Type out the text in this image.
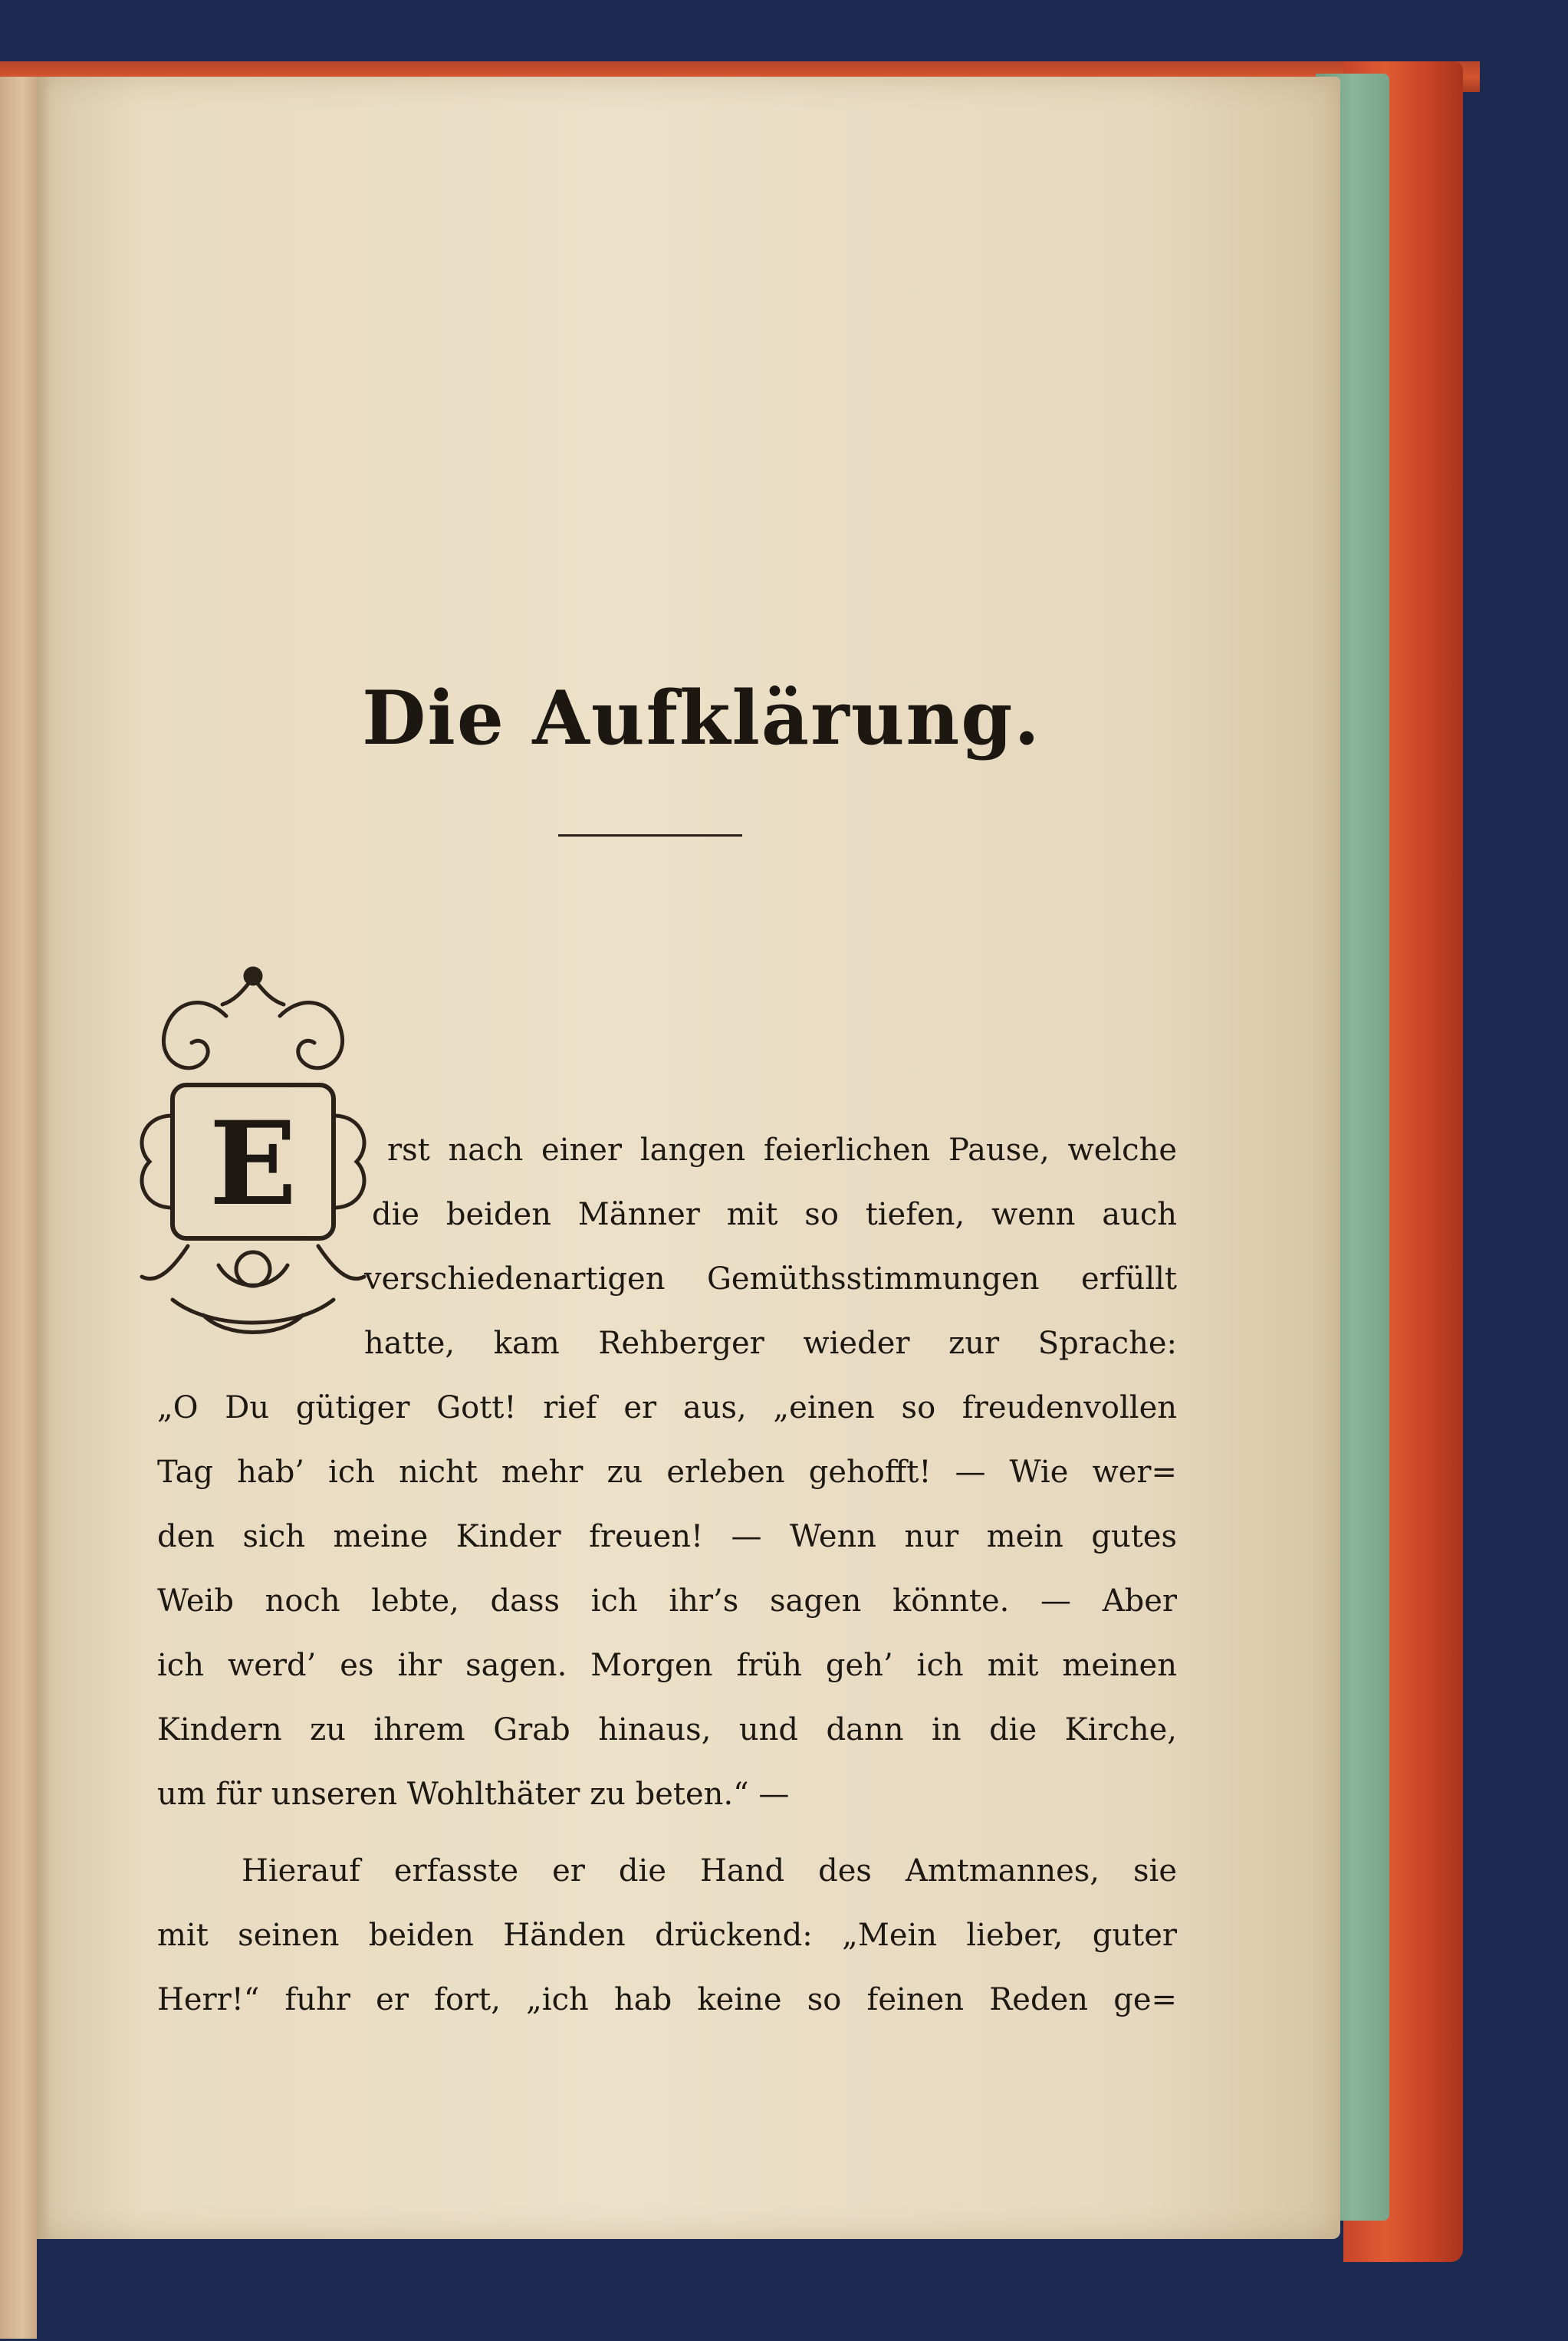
Die Aufklärung.
E	rst nach einer langen feierlichen Pause, welche
die beiden Männer mit so tiefen, wenn auch
verschiedenartigen Gemüthsstimmungen erfüllt
hatte, kam Rehberger wieder zur Sprache:
„O Du gütiger Gott! rief er aus, „einen so freudenvollen
Tag hab’ ich nicht mehr zu erleben gehofft! — Wie wer=
den sich meine Kinder freuen! — Wenn nur mein gutes
Weib noch lebte, dass ich ihr’s sagen könnte. — Aber
ich werd’ es ihr sagen. Morgen früh geh’ ich mit meinen
Kindern zu ihrem Grab hinaus, und dann in die Kirche,
um für unseren Wohlthäter zu beten.“ —
Hierauf erfasste er die Hand des Amtmannes, sie
mit seinen beiden Händen drückend: „Mein lieber, guter
Herr!“ fuhr er fort, „ich hab keine so feinen Reden ge=
